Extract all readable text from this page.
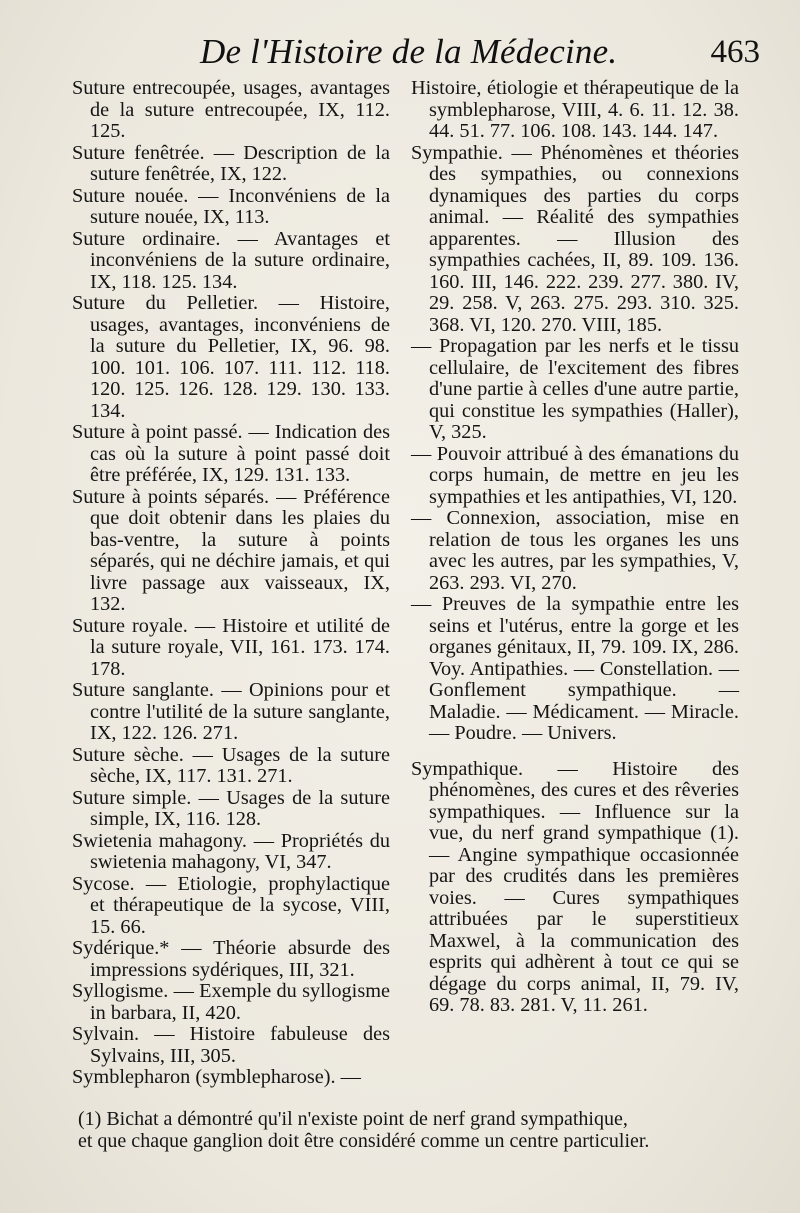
De l'Histoire de la Médecine.	463

Suture entrecoupée, usages, avantages de la suture entrecoupée, IX, 112. 125.

Suture fenêtrée. — Description de la suture fenêtrée, IX, 122.

Suture nouée. — Inconvéniens de la suture nouée, IX, 113.

Suture ordinaire. — Avantages et inconvéniens de la suture ordinaire, IX, 118. 125. 134.

Suture du Pelletier. — Histoire, usages, avantages, inconvéniens de la suture du Pelletier, IX, 96. 98. 100. 101. 106. 107. 111. 112. 118. 120. 125. 126. 128. 129. 130. 133. 134.

Suture à point passé. — Indication des cas où la suture à point passé doit être préférée, IX, 129. 131. 133.

Suture à points séparés. — Préférence que doit obtenir dans les plaies du bas-ventre, la suture à points séparés, qui ne déchire jamais, et qui livre passage aux vaisseaux, IX, 132.

Suture royale. — Histoire et utilité de la suture royale, VII, 161. 173. 174. 178.

Suture sanglante. — Opinions pour et contre l'utilité de la suture sanglante, IX, 122. 126. 271.

Suture sèche. — Usages de la suture sèche, IX, 117. 131. 271.

Suture simple. — Usages de la suture simple, IX, 116. 128.

Swietenia mahagony. — Propriétés du swietenia mahagony, VI, 347.

Sycose. — Etiologie, prophylactique et thérapeutique de la sycose, VIII, 15. 66.

Sydérique.* — Théorie absurde des impressions sydériques, III, 321.

Syllogisme. — Exemple du syllogisme in barbara, II, 420.

Sylvain. — Histoire fabuleuse des Sylvains, III, 305.

Symblepharon (symblepharose). —

Histoire, étiologie et thérapeutique de la symblepharose, VIII, 4. 6. 11. 12. 38. 44. 51. 77. 106. 108. 143. 144. 147.

Sympathie. — Phénomènes et théories des sympathies, ou connexions dynamiques des parties du corps animal. — Réalité des sympathies apparentes. — Illusion des sympathies cachées, II, 89. 109. 136. 160. III, 146. 222. 239. 277. 380. IV, 29. 258. V, 263. 275. 293. 310. 325. 368. VI, 120. 270. VIII, 185.

— Propagation par les nerfs et le tissu cellulaire, de l'excitement des fibres d'une partie à celles d'une autre partie, qui constitue les sympathies (Haller), V, 325.

— Pouvoir attribué à des émanations du corps humain, de mettre en jeu les sympathies et les antipathies, VI, 120.

— Connexion, association, mise en relation de tous les organes les uns avec les autres, par les sympathies, V, 263. 293. VI, 270.

— Preuves de la sympathie entre les seins et l'utérus, entre la gorge et les organes génitaux, II, 79. 109. IX, 286. Voy. Antipathies. — Constellation. — Gonflement sympathique. — Maladie. — Médicament. — Miracle. — Poudre. — Univers.

Sympathique. — Histoire des phénomènes, des cures et des rêveries sympathiques. — Influence sur la vue, du nerf grand sympathique (1). — Angine sympathique occasionnée par des crudités dans les premières voies. — Cures sympathiques attribuées par le superstitieux Maxwel, à la communication des esprits qui adhèrent à tout ce qui se dégage du corps animal, II, 79. IV, 69. 78. 83. 281. V, 11. 261.

(1) Bichat a démontré qu'il n'existe point de nerf grand sympathique,

et que chaque ganglion doit être considéré comme un centre particulier.
